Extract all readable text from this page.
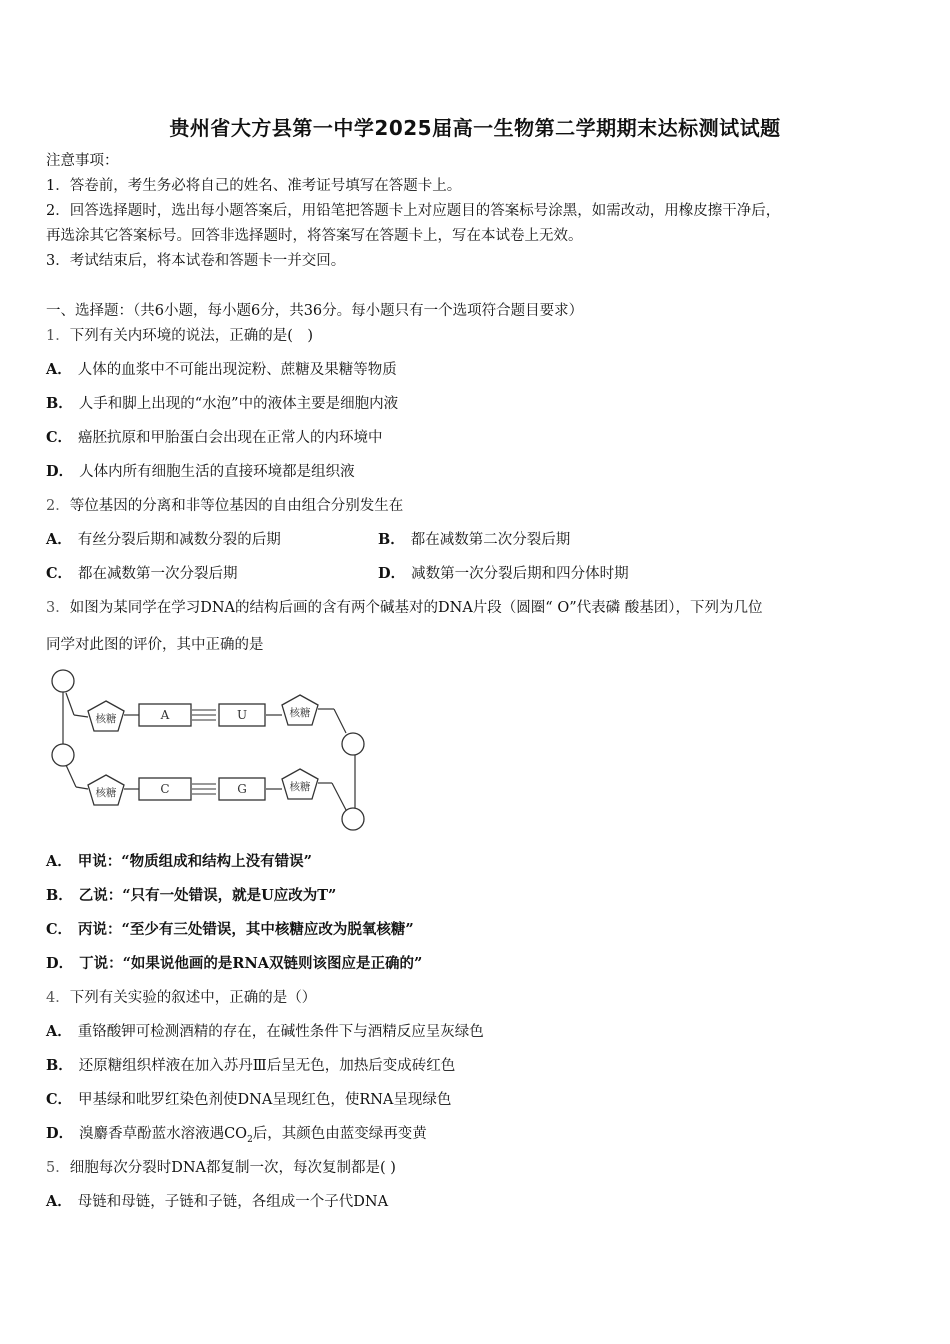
贵州省大方县第一中学2025届高一生物第二学期期末达标测试试题
注意事项：
1．答卷前，考生务必将自己的姓名、准考证号填写在答题卡上。
2．回答选择题时，选出每小题答案后，用铅笔把答题卡上对应题目的答案标号涂黑，如需改动，用橡皮擦干净后，
再选涂其它答案标号。回答非选择题时，将答案写在答题卡上，写在本试卷上无效。
3．考试结束后，将本试卷和答题卡一并交回。
一、选择题：（共6小题，每小题6分，共36分。每小题只有一个选项符合题目要求）
1．下列有关内环境的说法，正确的是(　)
A． 人体的血浆中不可能出现淀粉、蔗糖及果糖等物质
B． 人手和脚上出现的“水泡”中的液体主要是细胞内液
C． 癌胚抗原和甲胎蛋白会出现在正常人的内环境中
D． 人体内所有细胞生活的直接环境都是组织液
2．等位基因的分离和非等位基因的自由组合分别发生在
A． 有丝分裂后期和减数分裂的后期	B． 都在减数第二次分裂后期
C． 都在减数第一次分裂后期	D． 减数第一次分裂后期和四分体时期
3．如图为某同学在学习DNA的结构后画的含有两个碱基对的DNA片段（圆圈“ O”代表磷 酸基团），下列为几位
同学对此图的评价，其中正确的是
核糖
核糖
核糖
核糖
A	U
C	G
A． 甲说：“物质组成和结构上没有错误”
B． 乙说：“只有一处错误，就是U应改为T”
C． 丙说：“至少有三处错误，其中核糖应改为脱氧核糖”
D． 丁说：“如果说他画的是RNA双链则该图应是正确的”
4．下列有关实验的叙述中，正确的是（）
A． 重铬酸钾可检测酒精的存在，在碱性条件下与酒精反应呈灰绿色
B． 还原糖组织样液在加入苏丹Ⅲ后呈无色，加热后变成砖红色
C． 甲基绿和吡罗红染色剂使DNA呈现红色，使RNA呈现绿色
D． 溴麝香草酚蓝水溶液遇$CO_2$后，其颜色由蓝变绿再变黄
5．细胞每次分裂时DNA都复制一次，每次复制都是( )
A． 母链和母链，子链和子链，各组成一个子代DNA
